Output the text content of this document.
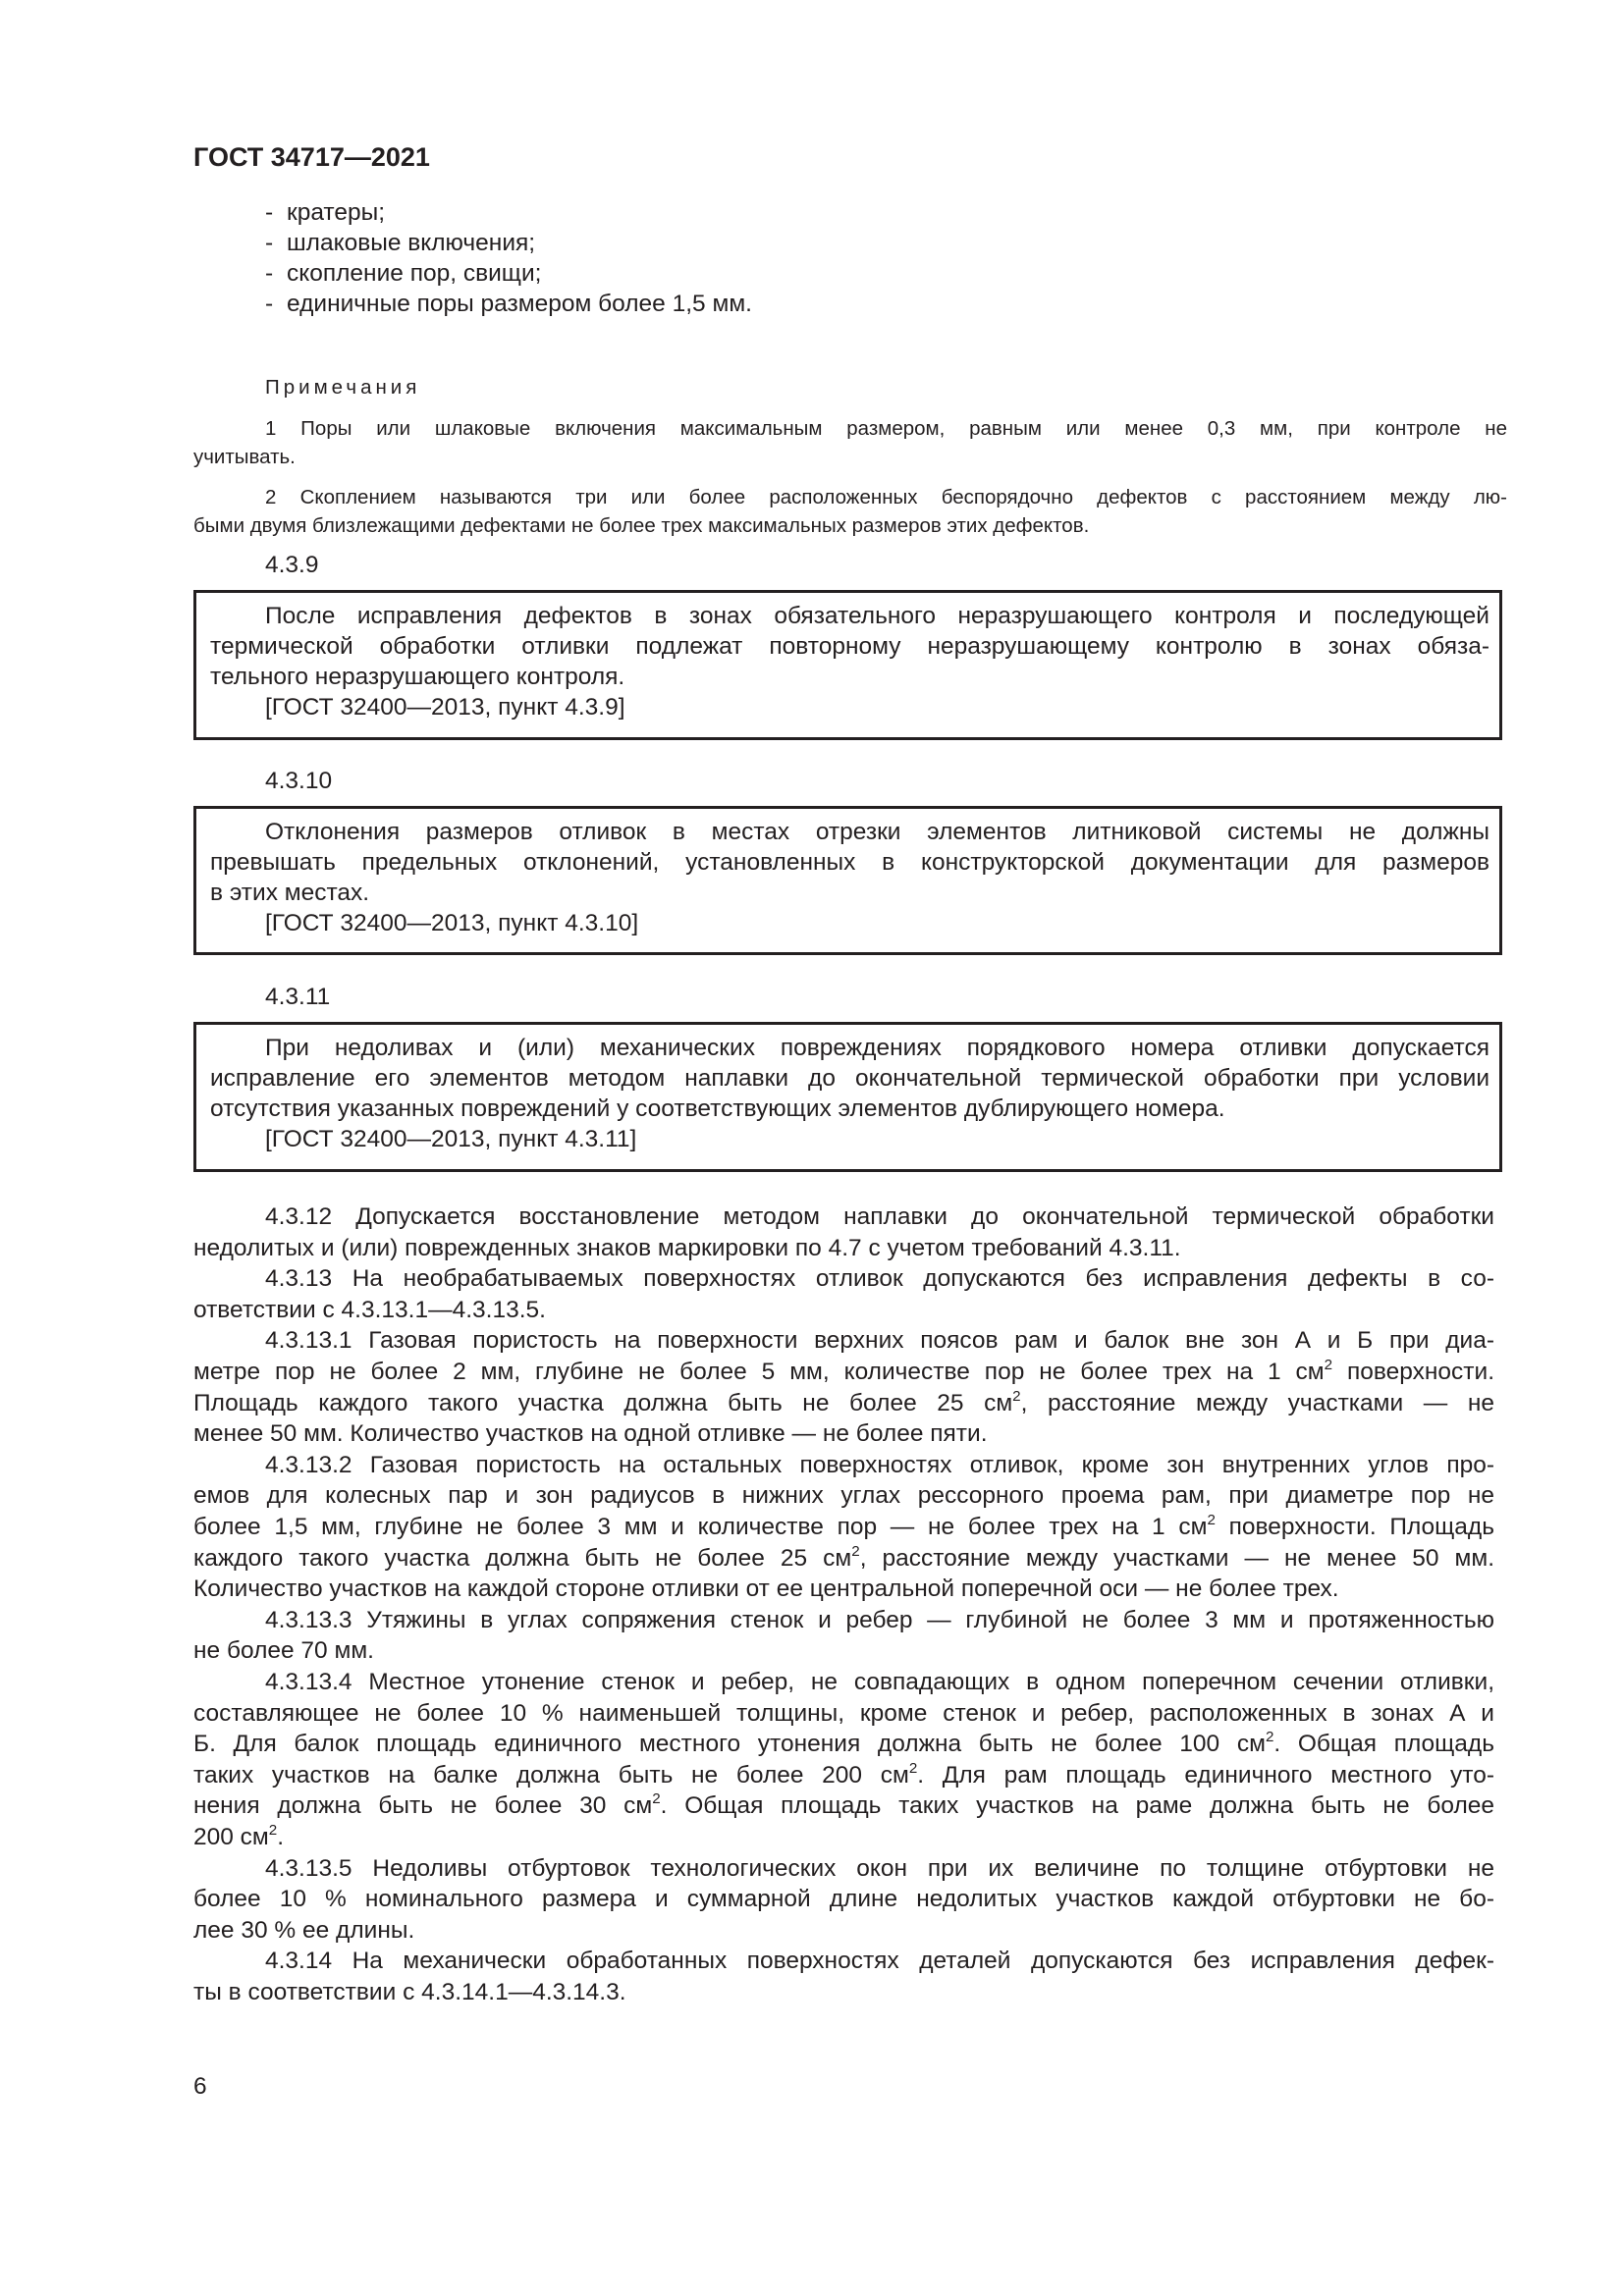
ГОСТ 34717—2021
- кратеры;
- шлаковые включения;
- скопление пор, свищи;
- единичные поры размером более 1,5 мм.
Примечания
1 Поры или шлаковые включения максимальным размером, равным или менее 0,3 мм, при контроле не
учитывать.
2 Скоплением называются три или более расположенных беспорядочно дефектов с расстоянием между лю-
быми двумя близлежащими дефектами не более трех максимальных размеров этих дефектов.
4.3.9
После исправления дефектов в зонах обязательного неразрушающего контроля и последующей
термической обработки отливки подлежат повторному неразрушающему контролю в зонах обяза-
тельного неразрушающего контроля.
[ГОСТ 32400—2013, пункт 4.3.9]
4.3.10
Отклонения размеров отливок в местах отрезки элементов литниковой системы не должны
превышать предельных отклонений, установленных в конструкторской документации для размеров
в этих местах.
[ГОСТ 32400—2013, пункт 4.3.10]
4.3.11
При недоливах и (или) механических повреждениях порядкового номера отливки допускается
исправление его элементов методом наплавки до окончательной термической обработки при условии
отсутствия указанных повреждений у соответствующих элементов дублирующего номера.
[ГОСТ 32400—2013, пункт 4.3.11]
4.3.12 Допускается восстановление методом наплавки до окончательной термической обработки
недолитых и (или) поврежденных знаков маркировки по 4.7 с учетом требований 4.3.11.
4.3.13 На необрабатываемых поверхностях отливок допускаются без исправления дефекты в со-
ответствии с 4.3.13.1—4.3.13.5.
4.3.13.1 Газовая пористость на поверхности верхних поясов рам и балок вне зон А и Б при диа-
метре пор не более 2 мм, глубине не более 5 мм, количестве пор не более трех на 1 $см^2$ поверхности.
Площадь каждого такого участка должна быть не более 25 $см^2$, расстояние между участками — не
менее 50 мм. Количество участков на одной отливке — не более пяти.
4.3.13.2 Газовая пористость на остальных поверхностях отливок, кроме зон внутренних углов про-
емов для колесных пар и зон радиусов в нижних углах рессорного проема рам, при диаметре пор не
более 1,5 мм, глубине не более 3 мм и количестве пор — не более трех на 1 $см^2$ поверхности. Площадь
каждого такого участка должна быть не более 25 $см^2$, расстояние между участками — не менее 50 мм.
Количество участков на каждой стороне отливки от ее центральной поперечной оси — не более трех.
4.3.13.3 Утяжины в углах сопряжения стенок и ребер — глубиной не более 3 мм и протяженностью
не более 70 мм.
4.3.13.4 Местное утонение стенок и ребер, не совпадающих в одном поперечном сечении отливки,
составляющее не более 10 % наименьшей толщины, кроме стенок и ребер, расположенных в зонах А и
Б. Для балок площадь единичного местного утонения должна быть не более 100 $см^2$. Общая площадь
таких участков на балке должна быть не более 200 $см^2$. Для рам площадь единичного местного уто-
нения должна быть не более 30 $см^2$. Общая площадь таких участков на раме должна быть не более
200 $см^2$.
4.3.13.5 Недоливы отбуртовок технологических окон при их величине по толщине отбуртовки не
более 10 % номинального размера и суммарной длине недолитых участков каждой отбуртовки не бо-
лее 30 % ее длины.
4.3.14 На механически обработанных поверхностях деталей допускаются без исправления дефек-
ты в соответствии с 4.3.14.1—4.3.14.3.
6
